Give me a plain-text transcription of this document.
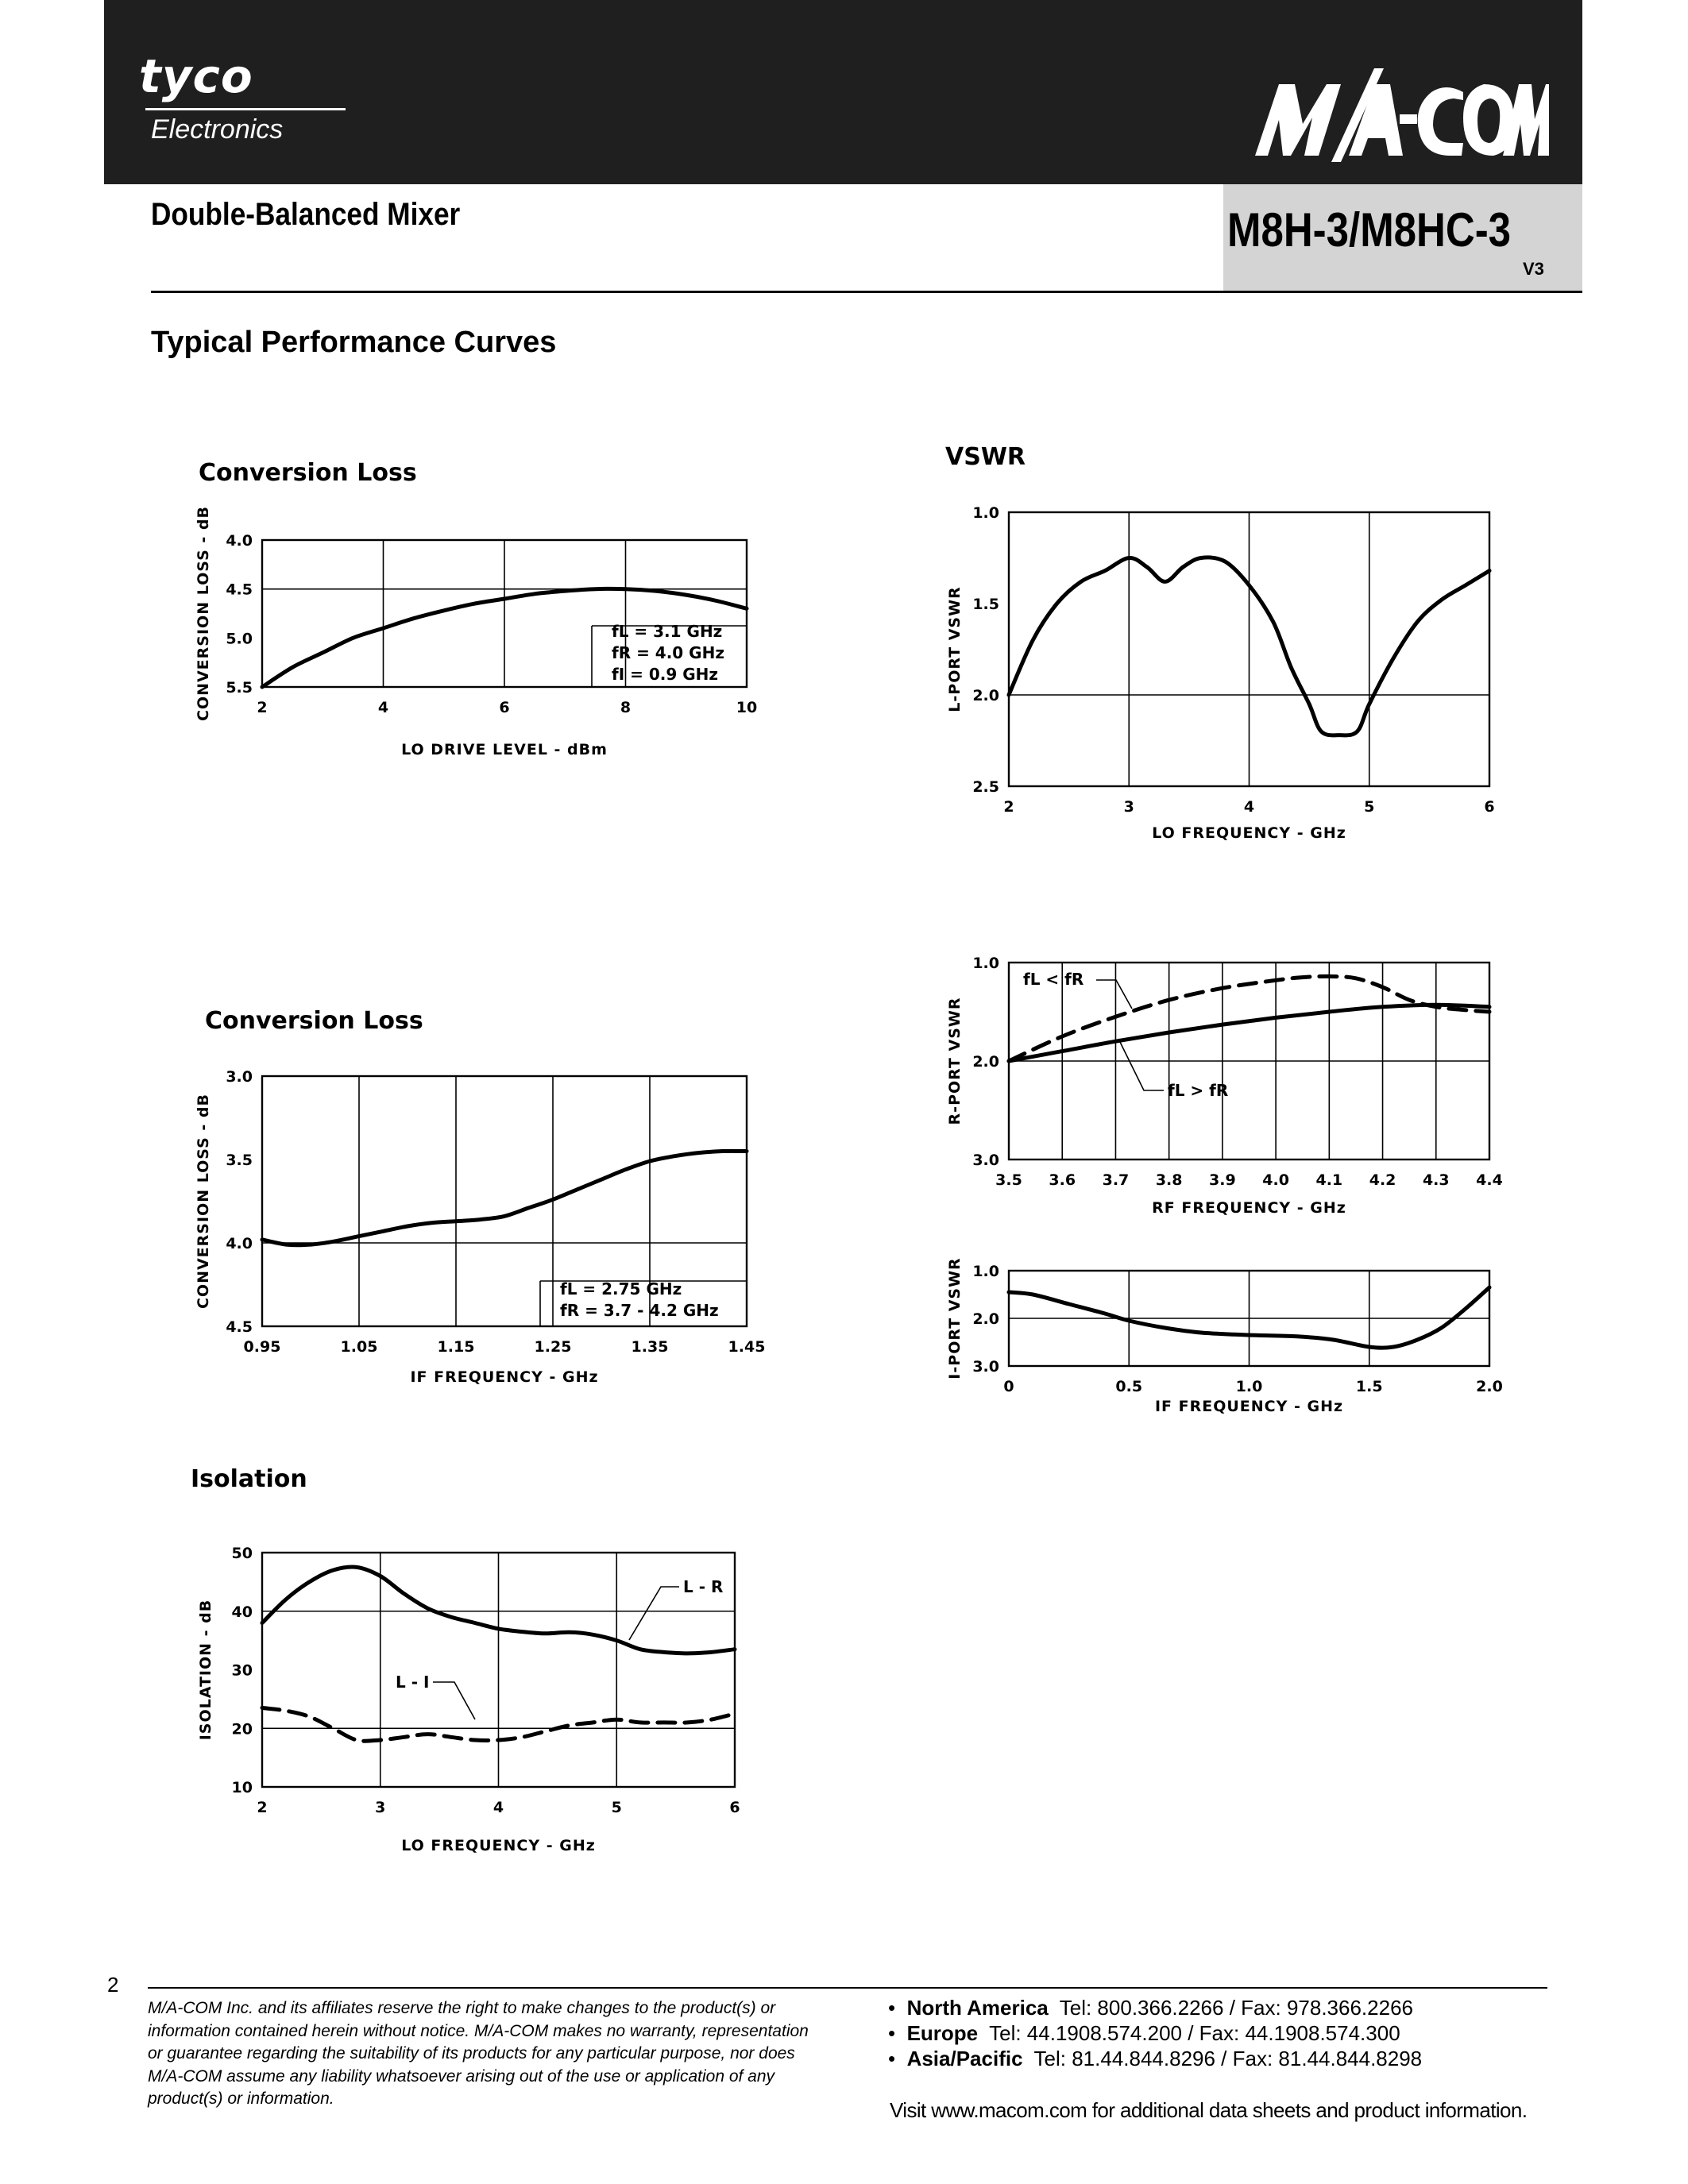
tyco
Electronics
Double-Balanced Mixer	M8H-3/M8HC-3
V3
Typical Performance Curves
Conversion Loss
2	4	6	8	10
4.0
4.5
5.0
5.5
LO DRIVE LEVEL - dBm
CONVERSION LOSS - dB	fL = 3.1 GHz
fR = 4.0 GHz
fI = 0.9 GHz
VSWR
2	3	4	5	6
1.0
1.5
2.0
2.5
LO FREQUENCY - GHz
L-PORT VSWR
Conversion Loss
0.95	1.05	1.15	1.25	1.35	1.45
3.0
3.5
4.0
4.5
IF FREQUENCY - GHz
CONVERSION LOSS - dB	fL = 2.75 GHz
fR = 3.7 - 4.2 GHz
3.5 3.6 3.7 3.8 3.9 4.0 4.1 4.2 4.3 4.4
1.0
2.0
3.0
RF FREQUENCY - GHz
R-PORT VSWR
fL < fR
fL > fR
0	0.5	1.0	1.5	2.0
1.0
2.0
3.0
IF FREQUENCY - GHz
I-PORT VSWR
Isolation
2	3	4	5	6
50
40
30
20
10
LO FREQUENCY - GHz
ISOLATION - dB
L - R
L - I
2
M/A-COM Inc. and its affiliates reserve the right to make changes to the product(s) or information contained herein without notice. M/A-COM makes no warranty, representation or guarantee regarding the suitability of its products for any particular purpose, nor does M/A-COM assume any liability whatsoever arising out of the use or application of any product(s) or information.
•  North America Tel: 800.366.2266 / Fax: 978.366.2266
•  Europe Tel: 44.1908.574.200 / Fax: 44.1908.574.300
•  Asia/Pacific Tel: 81.44.844.8296 / Fax: 81.44.844.8298
Visit www.macom.com for additional data sheets and product information.
